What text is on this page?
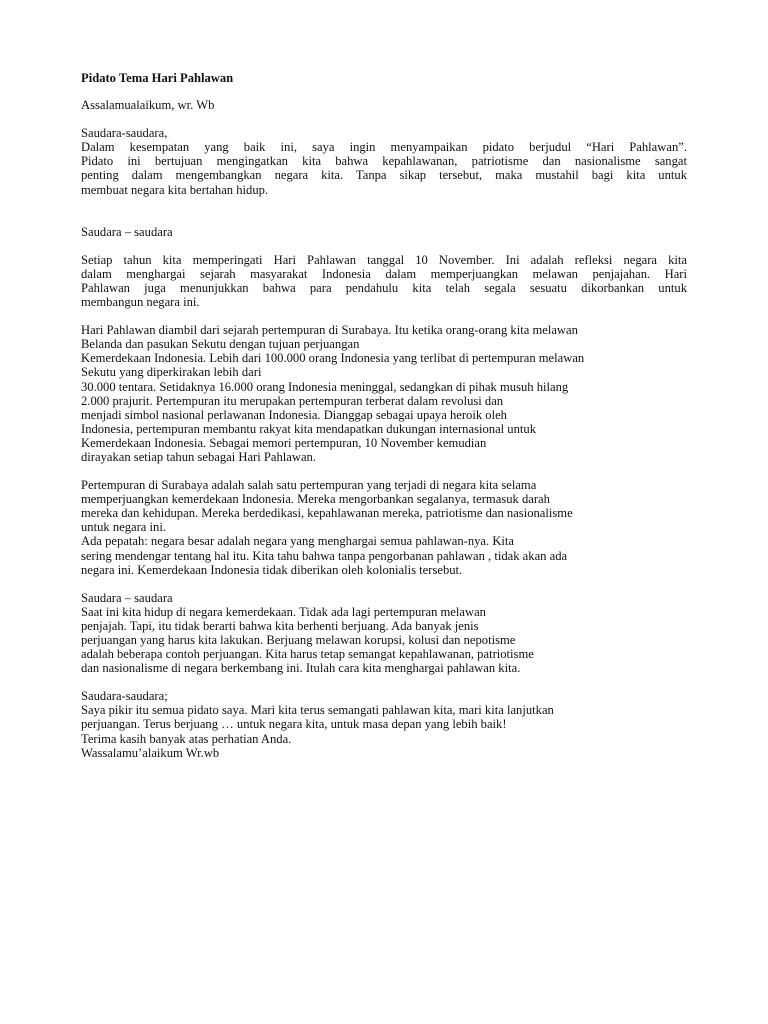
Pidato Tema Hari Pahlawan
Assalamualaikum, wr. Wb
Saudara-saudara,
Dalam kesempatan yang baik ini, saya ingin menyampaikan pidato berjudul “Hari Pahlawan”.
Pidato ini bertujuan mengingatkan kita bahwa kepahlawanan, patriotisme dan nasionalisme sangat
penting dalam mengembangkan negara kita. Tanpa sikap tersebut, maka mustahil bagi kita untuk
membuat negara kita bertahan hidup.
Saudara – saudara
Setiap tahun kita memperingati Hari Pahlawan tanggal 10 November. Ini adalah refleksi negara kita
dalam menghargai sejarah masyarakat Indonesia dalam memperjuangkan melawan penjajahan. Hari
Pahlawan juga menunjukkan bahwa para pendahulu kita telah segala sesuatu dikorbankan untuk
membangun negara ini.
Hari Pahlawan diambil dari sejarah pertempuran di Surabaya. Itu ketika orang-orang kita melawan
Belanda dan pasukan Sekutu dengan tujuan perjuangan
Kemerdekaan Indonesia. Lebih dari 100.000 orang Indonesia yang terlibat di pertempuran melawan
Sekutu yang diperkirakan lebih dari
30.000 tentara. Setidaknya 16.000 orang Indonesia meninggal, sedangkan di pihak musuh hilang
2.000 prajurit. Pertempuran itu merupakan pertempuran terberat dalam revolusi dan
menjadi simbol nasional perlawanan Indonesia. Dianggap sebagai upaya heroik oleh
Indonesia, pertempuran membantu rakyat kita mendapatkan dukungan internasional untuk
Kemerdekaan Indonesia. Sebagai memori pertempuran, 10 November kemudian
dirayakan setiap tahun sebagai Hari Pahlawan.
Pertempuran di Surabaya adalah salah satu pertempuran yang terjadi di negara kita selama
memperjuangkan kemerdekaan Indonesia. Mereka mengorbankan segalanya, termasuk darah
mereka dan kehidupan. Mereka berdedikasi, kepahlawanan mereka, patriotisme dan nasionalisme
untuk negara ini.
Ada pepatah: negara besar adalah negara yang menghargai semua pahlawan-nya. Kita
sering mendengar tentang hal itu. Kita tahu bahwa tanpa pengorbanan pahlawan , tidak akan ada
negara ini. Kemerdekaan Indonesia tidak diberikan oleh kolonialis tersebut.
Saudara – saudara
Saat ini kita hidup di negara kemerdekaan. Tidak ada lagi pertempuran melawan
penjajah. Tapi, itu tidak berarti bahwa kita berhenti berjuang. Ada banyak jenis
perjuangan yang harus kita lakukan. Berjuang melawan korupsi, kolusi dan nepotisme
adalah beberapa contoh perjuangan. Kita harus tetap semangat kepahlawanan, patriotisme
dan nasionalisme di negara berkembang ini. Itulah cara kita menghargai pahlawan kita.
Saudara-saudara;
Saya pikir itu semua pidato saya. Mari kita terus semangati pahlawan kita, mari kita lanjutkan
perjuangan. Terus berjuang … untuk negara kita, untuk masa depan yang lebih baik!
Terima kasih banyak atas perhatian Anda.
Wassalamu’alaikum Wr.wb
